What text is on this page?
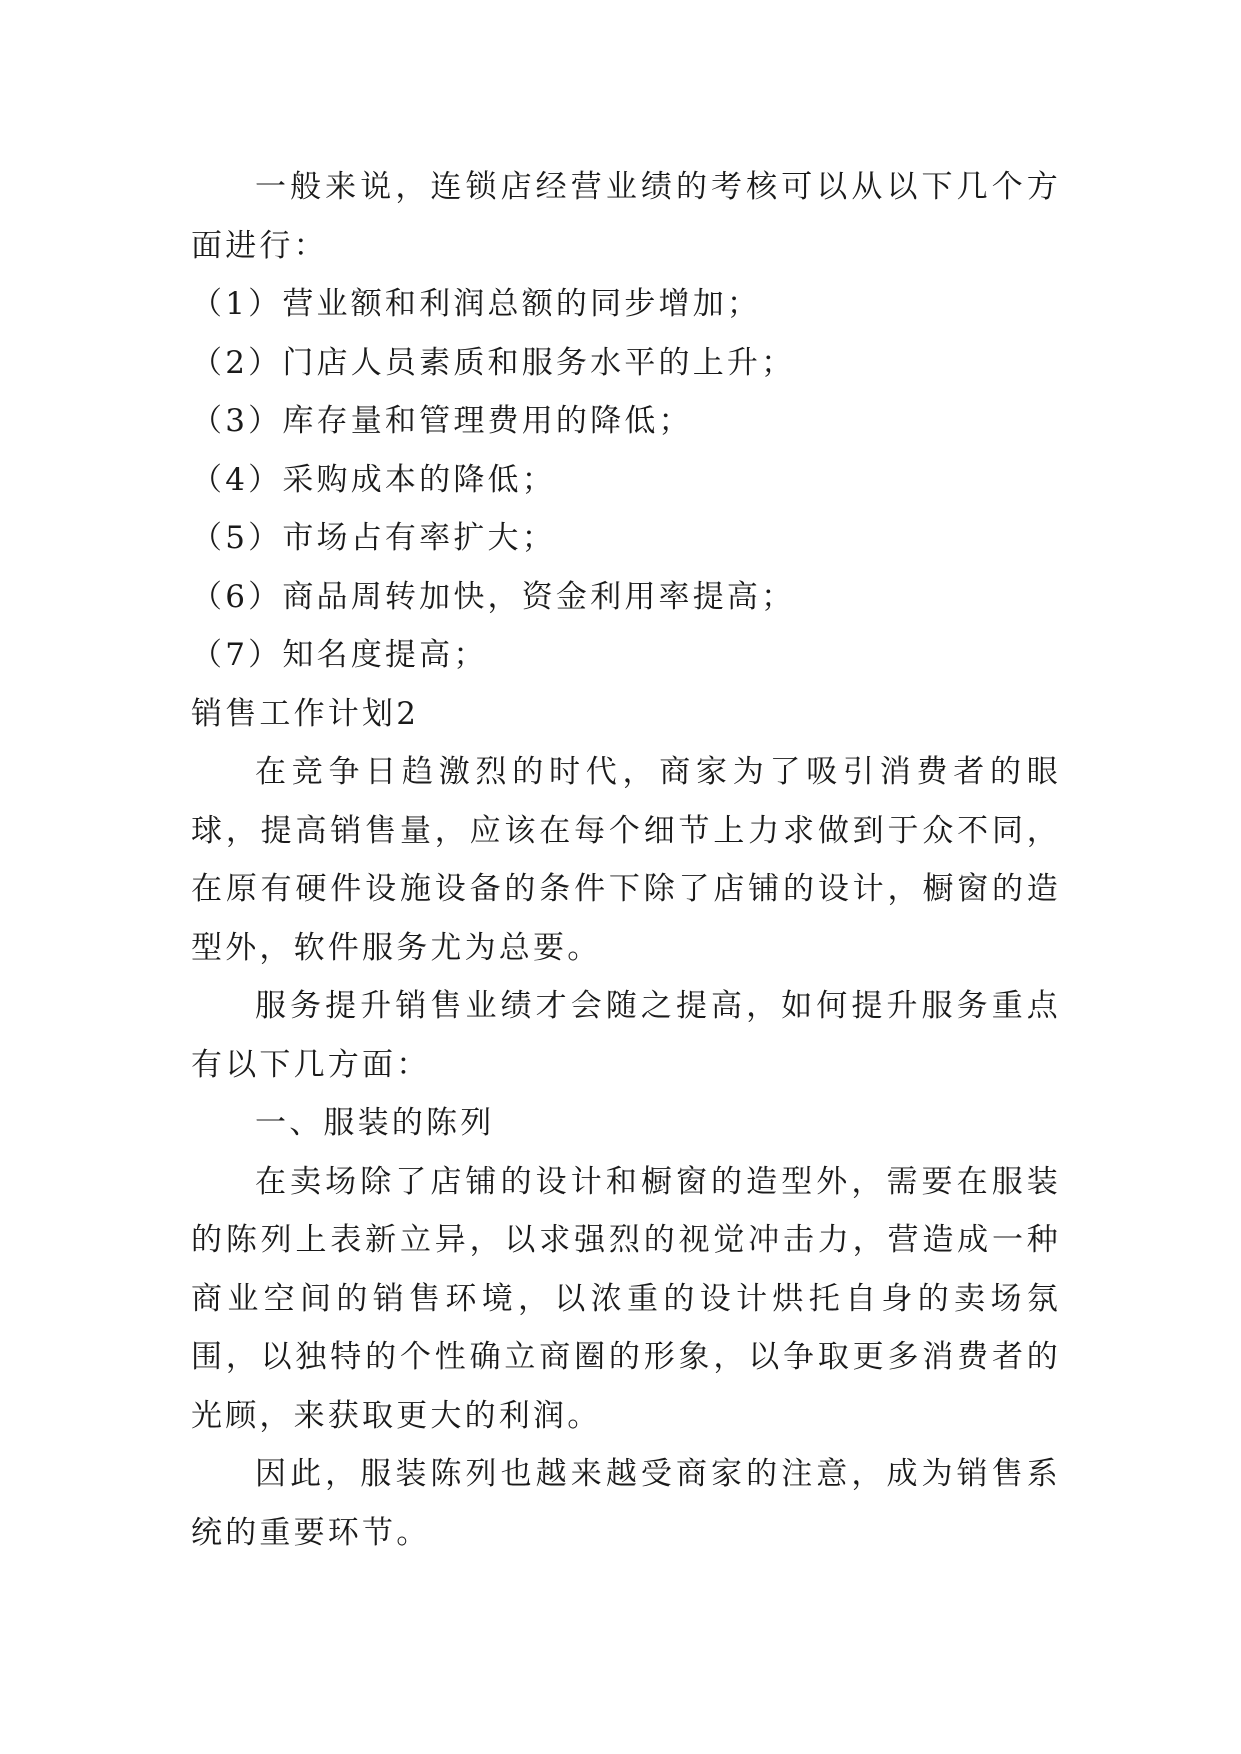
一般来说，连锁店经营业绩的考核可以从以下几个方面进行：

（1）营业额和利润总额的同步增加；

（2）门店人员素质和服务水平的上升；

（3）库存量和管理费用的降低；

（4）采购成本的降低；

（5）市场占有率扩大；

（6）商品周转加快，资金利用率提高；

（7）知名度提高；

销售工作计划2

在竞争日趋激烈的时代，商家为了吸引消费者的眼球，提高销售量，应该在每个细节上力求做到于众不同，在原有硬件设施设备的条件下除了店铺的设计，橱窗的造型外，软件服务尤为总要。

服务提升销售业绩才会随之提高，如何提升服务重点有以下几方面：

一、服装的陈列

在卖场除了店铺的设计和橱窗的造型外，需要在服装的陈列上表新立异，以求强烈的视觉冲击力，营造成一种商业空间的销售环境，以浓重的设计烘托自身的卖场氛围，以独特的个性确立商圈的形象，以争取更多消费者的光顾，来获取更大的利润。

因此，服装陈列也越来越受商家的注意，成为销售系统的重要环节。
